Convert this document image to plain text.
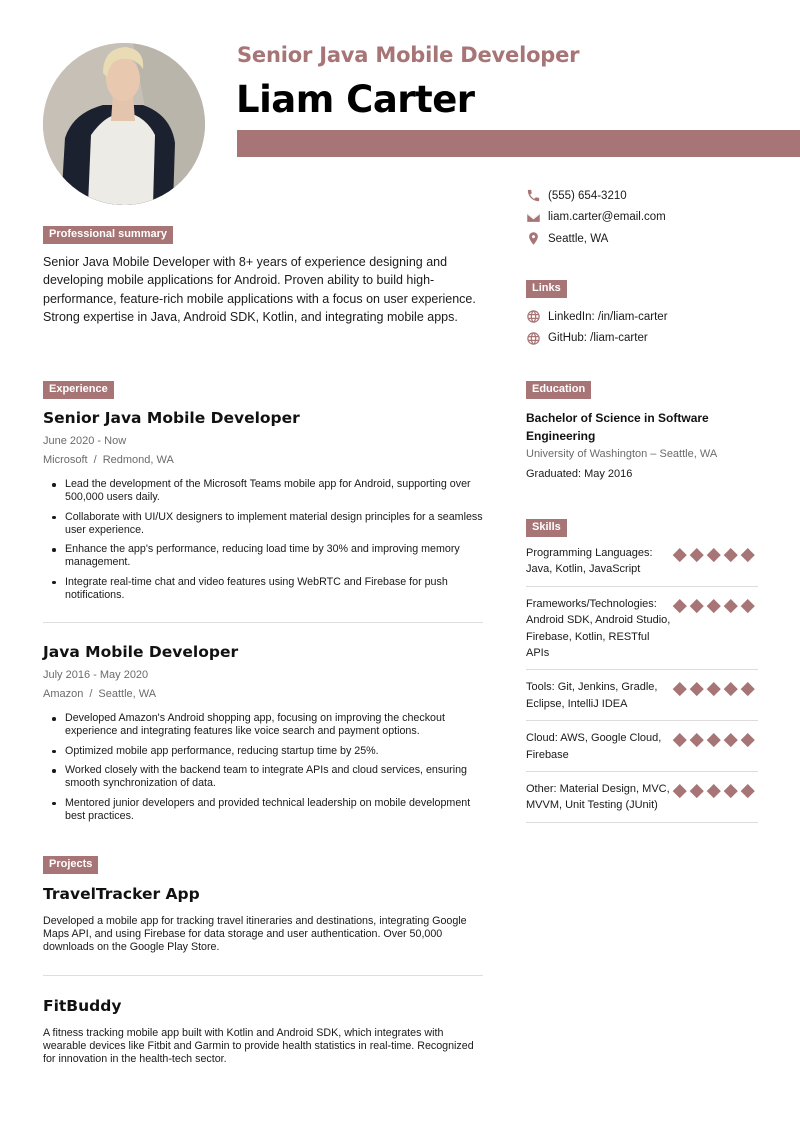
Senior Java Mobile Developer
Liam Carter
(555) 654-3210
liam.carter@email.com
Seattle, WA
Professional summary
Senior Java Mobile Developer with 8+ years of experience designing and developing mobile applications for Android. Proven ability to build high-performance, feature-rich mobile applications with a focus on user experience. Strong expertise in Java, Android SDK, Kotlin, and integrating mobile apps.
Experience
Senior Java Mobile Developer
June 2020 - Now
Microsoft / Redmond, WA
Lead the development of the Microsoft Teams mobile app for Android, supporting over 500,000 users daily.
Collaborate with UI/UX designers to implement material design principles for a seamless user experience.
Enhance the app's performance, reducing load time by 30% and improving memory management.
Integrate real-time chat and video features using WebRTC and Firebase for push notifications.
Java Mobile Developer
July 2016 - May 2020
Amazon / Seattle, WA
Developed Amazon's Android shopping app, focusing on improving the checkout experience and integrating features like voice search and payment options.
Optimized mobile app performance, reducing startup time by 25%.
Worked closely with the backend team to integrate APIs and cloud services, ensuring smooth synchronization of data.
Mentored junior developers and provided technical leadership on mobile development best practices.
Projects
TravelTracker App
Developed a mobile app for tracking travel itineraries and destinations, integrating Google Maps API, and using Firebase for data storage and user authentication. Over 50,000 downloads on the Google Play Store.
FitBuddy
A fitness tracking mobile app built with Kotlin and Android SDK, which integrates with wearable devices like Fitbit and Garmin to provide health statistics in real-time. Recognized for innovation in the health-tech sector.
Links
LinkedIn: /in/liam-carter
GitHub: /liam-carter
Education
Bachelor of Science in Software Engineering
University of Washington – Seattle, WA
Graduated: May 2016
Skills
Programming Languages: Java, Kotlin, JavaScript
Frameworks/Technologies: Android SDK, Android Studio, Firebase, Kotlin, RESTful APIs
Tools: Git, Jenkins, Gradle, Eclipse, IntelliJ IDEA
Cloud: AWS, Google Cloud, Firebase
Other: Material Design, MVC, MVVM, Unit Testing (JUnit)
